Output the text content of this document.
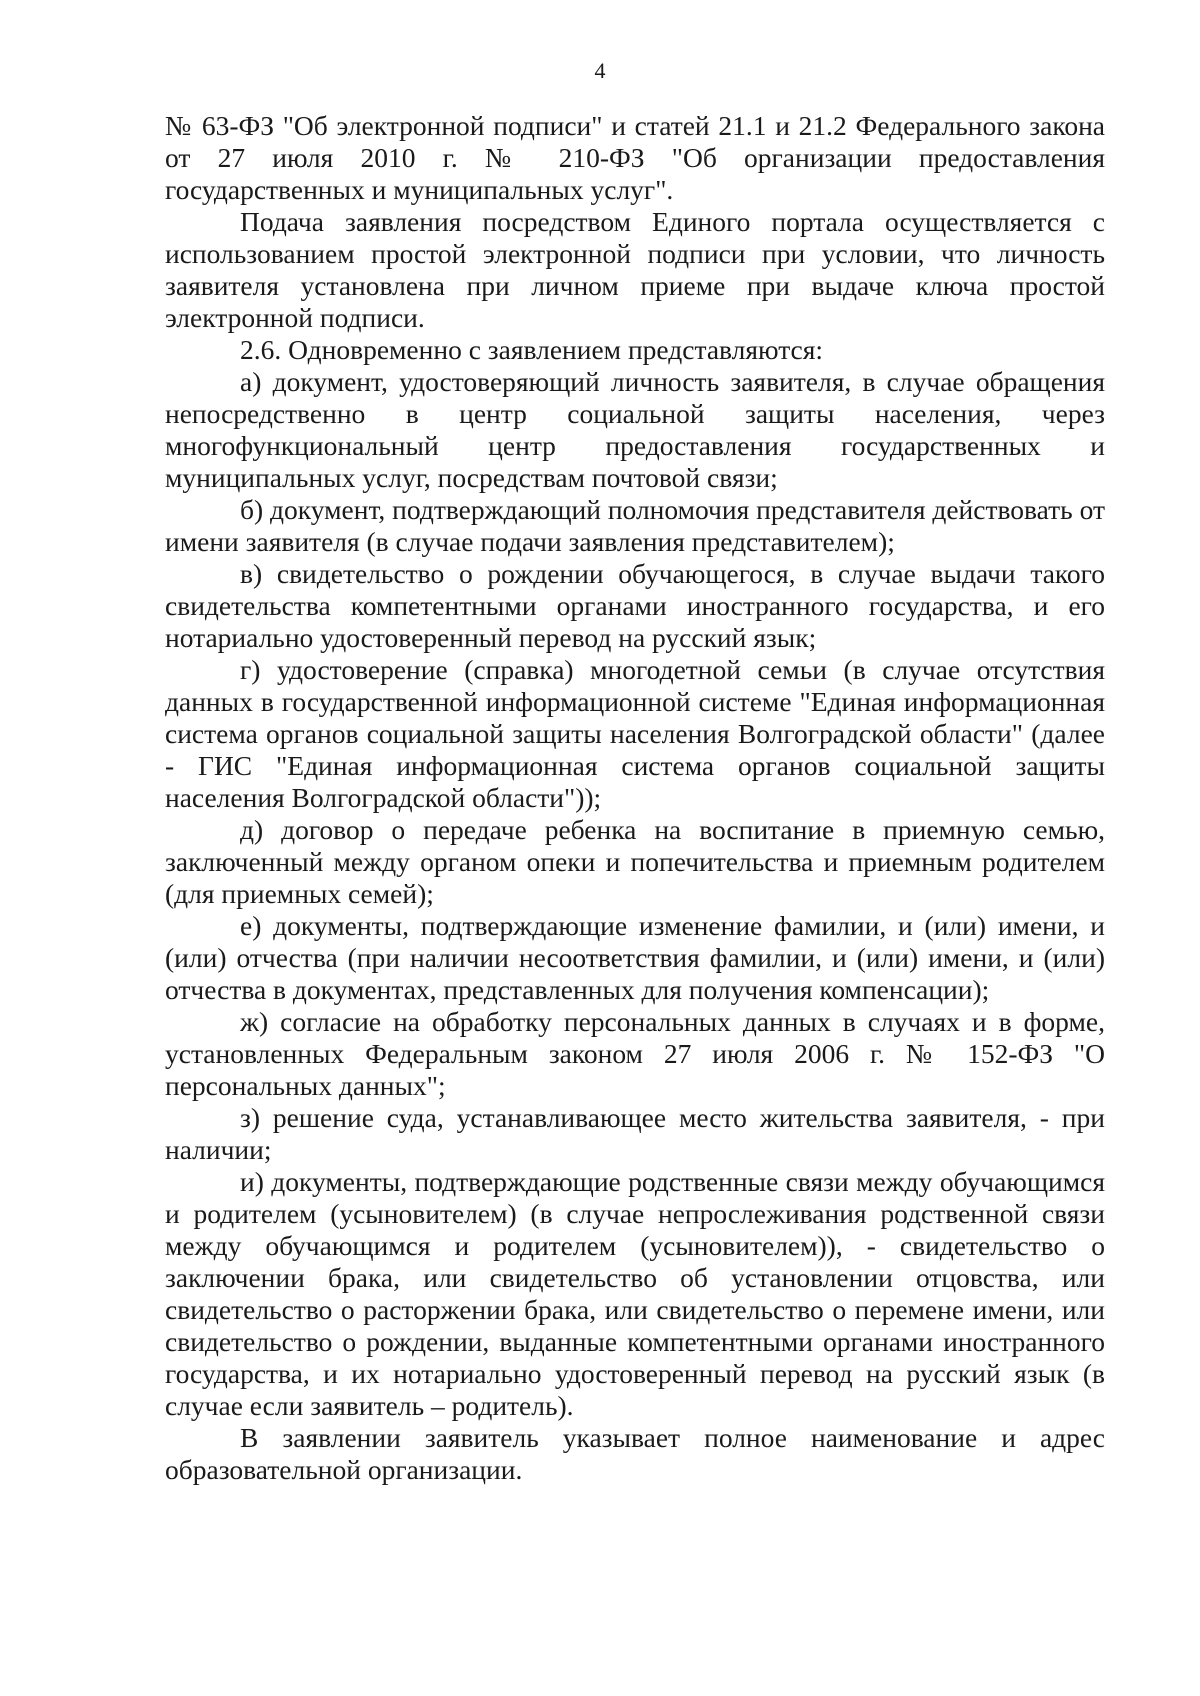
4

№ 63-ФЗ "Об электронной подписи" и статей 21.1 и 21.2 Федерального закона от 27 июля 2010 г. № 210-ФЗ "Об организации предоставления государственных и муниципальных услуг".

Подача заявления посредством Единого портала осуществляется с использованием простой электронной подписи при условии, что личность заявителя установлена при личном приеме при выдаче ключа простой электронной подписи.

2.6. Одновременно с заявлением представляются:

а) документ, удостоверяющий личность заявителя, в случае обращения непосредственно в центр социальной защиты населения, через многофункциональный центр предоставления государственных и муниципальных услуг, посредствам почтовой связи;

б) документ, подтверждающий полномочия представителя действовать от имени заявителя (в случае подачи заявления представителем);

в) свидетельство о рождении обучающегося, в случае выдачи такого свидетельства компетентными органами иностранного государства, и его нотариально удостоверенный перевод на русский язык;

г) удостоверение (справка) многодетной семьи (в случае отсутствия данных в государственной информационной системе "Единая информационная система органов социальной защиты населения Волгоградской области" (далее - ГИС "Единая информационная система органов социальной защиты населения Волгоградской области"));

д) договор о передаче ребенка на воспитание в приемную семью, заключенный между органом опеки и попечительства и приемным родителем (для приемных семей);

е) документы, подтверждающие изменение фамилии, и (или) имени, и (или) отчества (при наличии несоответствия фамилии, и (или) имени, и (или) отчества в документах, представленных для получения компенсации);

ж) согласие на обработку персональных данных в случаях и в форме, установленных Федеральным законом 27 июля 2006 г. № 152-ФЗ "О персональных данных";

з) решение суда, устанавливающее место жительства заявителя, - при наличии;

и) документы, подтверждающие родственные связи между обучающимся и родителем (усыновителем) (в случае непрослеживания родственной связи между обучающимся и родителем (усыновителем)), - свидетельство о заключении брака, или свидетельство об установлении отцовства, или свидетельство о расторжении брака, или свидетельство о перемене имени, или свидетельство о рождении, выданные компетентными органами иностранного государства, и их нотариально удостоверенный перевод на русский язык (в случае если заявитель – родитель).

В заявлении заявитель указывает полное наименование и адрес образовательной организации.
